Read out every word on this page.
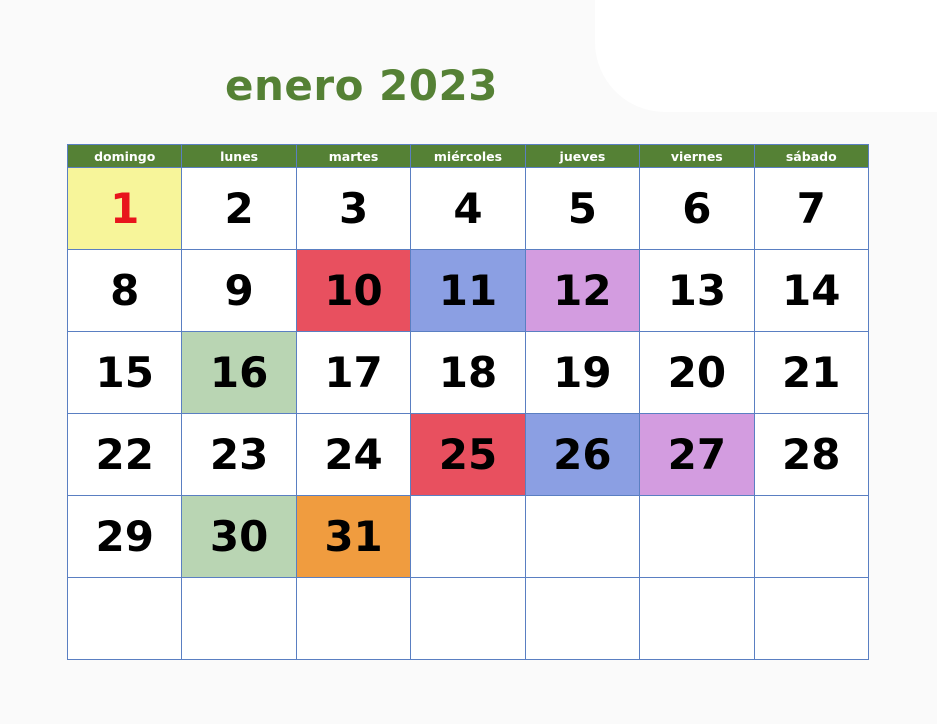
enero 2023
domingo	lunes	martes	miércoles	jueves	viernes	sábado
1	2	3	4	5	6	7
8	9	10	11	12	13	14
15	16	17	18	19	20	21
22	23	24	25	26	27	28
29	30	31				
